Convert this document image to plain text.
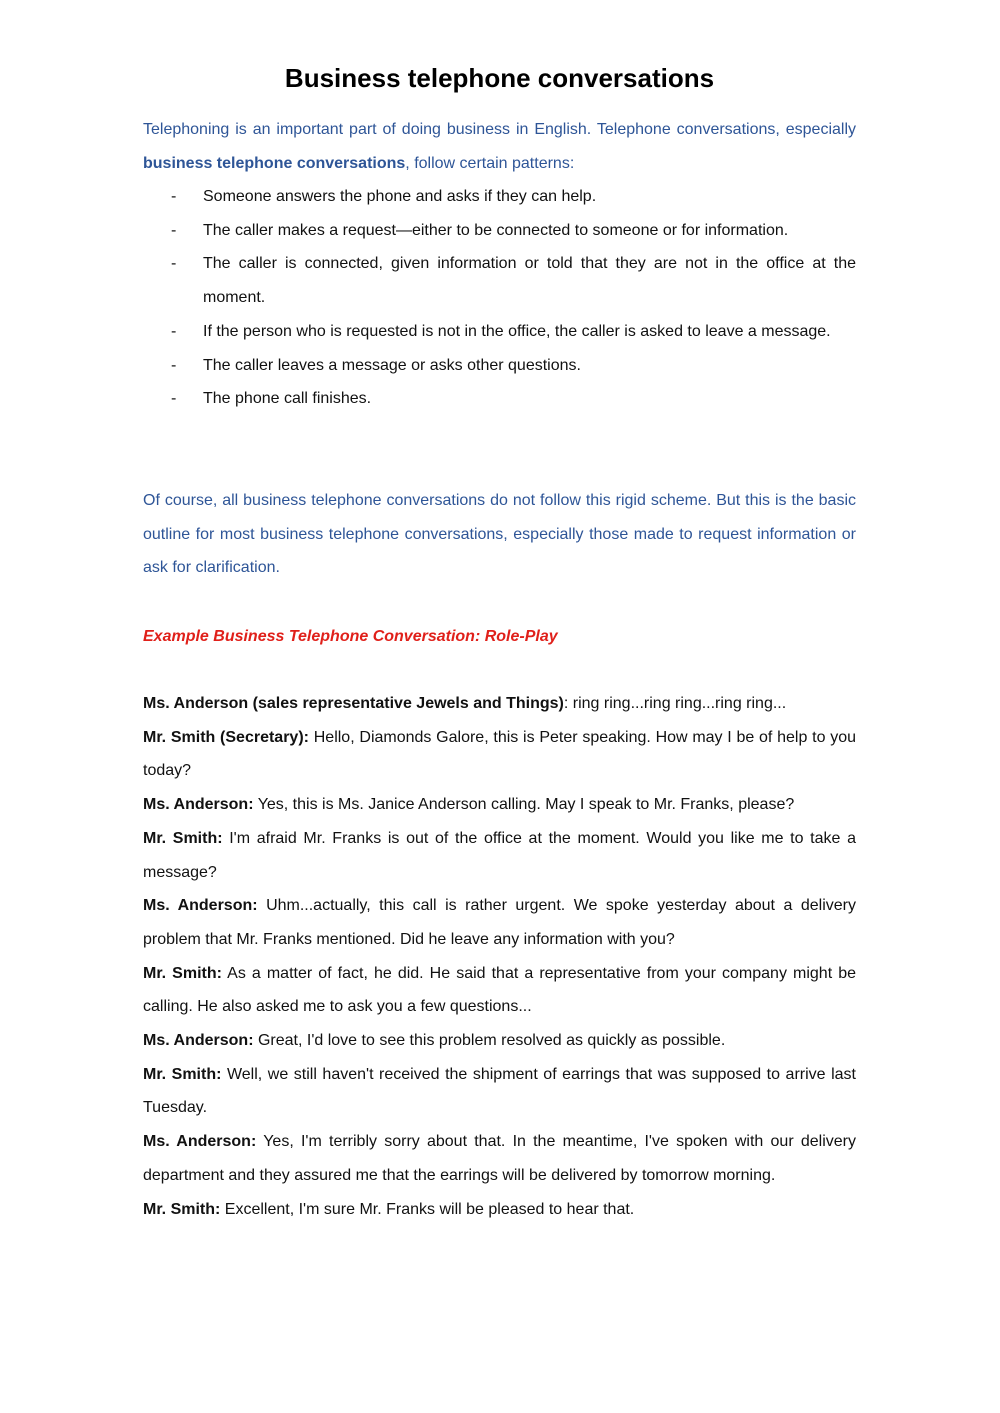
Business telephone conversations

Telephoning is an important part of doing business in English. Telephone conversations, especially business telephone conversations, follow certain patterns:

- Someone answers the phone and asks if they can help.
- The caller makes a request—either to be connected to someone or for information.
- The caller is connected, given information or told that they are not in the office at the moment.
- If the person who is requested is not in the office, the caller is asked to leave a message.
- The caller leaves a message or asks other questions.
- The phone call finishes.

Of course, all business telephone conversations do not follow this rigid scheme. But this is the basic outline for most business telephone conversations, especially those made to request information or ask for clarification.

Example Business Telephone Conversation: Role-Play

Ms. Anderson (sales representative Jewels and Things): ring ring...ring ring...ring ring...

Mr. Smith (Secretary): Hello, Diamonds Galore, this is Peter speaking. How may I be of help to you today?

Ms. Anderson: Yes, this is Ms. Janice Anderson calling. May I speak to Mr. Franks, please?

Mr. Smith: I'm afraid Mr. Franks is out of the office at the moment. Would you like me to take a message?

Ms. Anderson: Uhm...actually, this call is rather urgent. We spoke yesterday about a delivery problem that Mr. Franks mentioned. Did he leave any information with you?

Mr. Smith: As a matter of fact, he did. He said that a representative from your company might be calling. He also asked me to ask you a few questions...

Ms. Anderson: Great, I'd love to see this problem resolved as quickly as possible.

Mr. Smith: Well, we still haven't received the shipment of earrings that was supposed to arrive last Tuesday.

Ms. Anderson: Yes, I'm terribly sorry about that. In the meantime, I've spoken with our delivery department and they assured me that the earrings will be delivered by tomorrow morning.

Mr. Smith: Excellent, I'm sure Mr. Franks will be pleased to hear that.
